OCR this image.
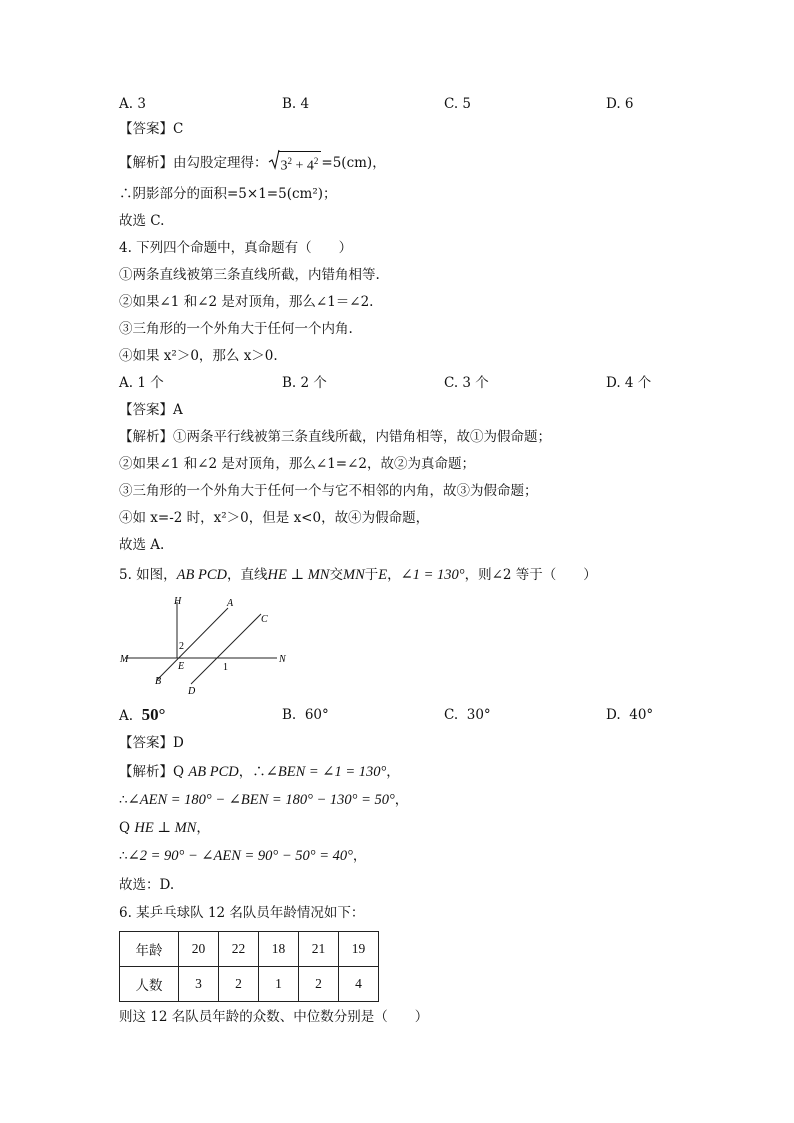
A. 3	B. 4	C. 5	D. 6
【答案】C
【解析】由勾股定理得： $3^2 + 4^2 =5(cm)$，
∴阴影部分的面积=5×1=5(cm²)；
故选 C.
4. 下列四个命题中，真命题有（　　）
①两条直线被第三条直线所截，内错角相等.
②如果∠1 和∠2 是对顶角，那么∠1＝∠2.
③三角形的一个外角大于任何一个内角.
④如果 x²＞0，那么 x＞0.
A. 1 个	B. 2 个	C. 3 个	D. 4 个
【答案】A
【解析】①两条平行线被第三条直线所截，内错角相等，故①为假命题；
②如果∠1 和∠2 是对顶角，那么∠1=∠2，故②为真命题；
③三角形的一个外角大于任何一个与它不相邻的内角，故③为假命题；
④如 x=-2 时，x²＞0，但是 x<0，故④为假命题，
故选 A.
5. 如图，AB PCD，直线HE ⊥ MN交MN于E，∠1 = 130°，则∠2 等于（　　）
H	A
C
M	N
E
B
D
1
2
A. 50°	B. 60°	C. 30°	D. 40°
【答案】D
【解析】Q AB PCD，∴∠BEN = ∠1 = 130°，
∴∠AEN = 180° − ∠BEN = 180° − 130° = 50°，
Q HE ⊥ MN，
∴∠2 = 90° − ∠AEN = 90° − 50° = 40°，
故选：D.
6. 某乒乓球队 12 名队员年龄情况如下：
年龄	20	22	18	21	19
人数	3	2	1	2	4
则这 12 名队员年龄的众数、中位数分别是（　　）
